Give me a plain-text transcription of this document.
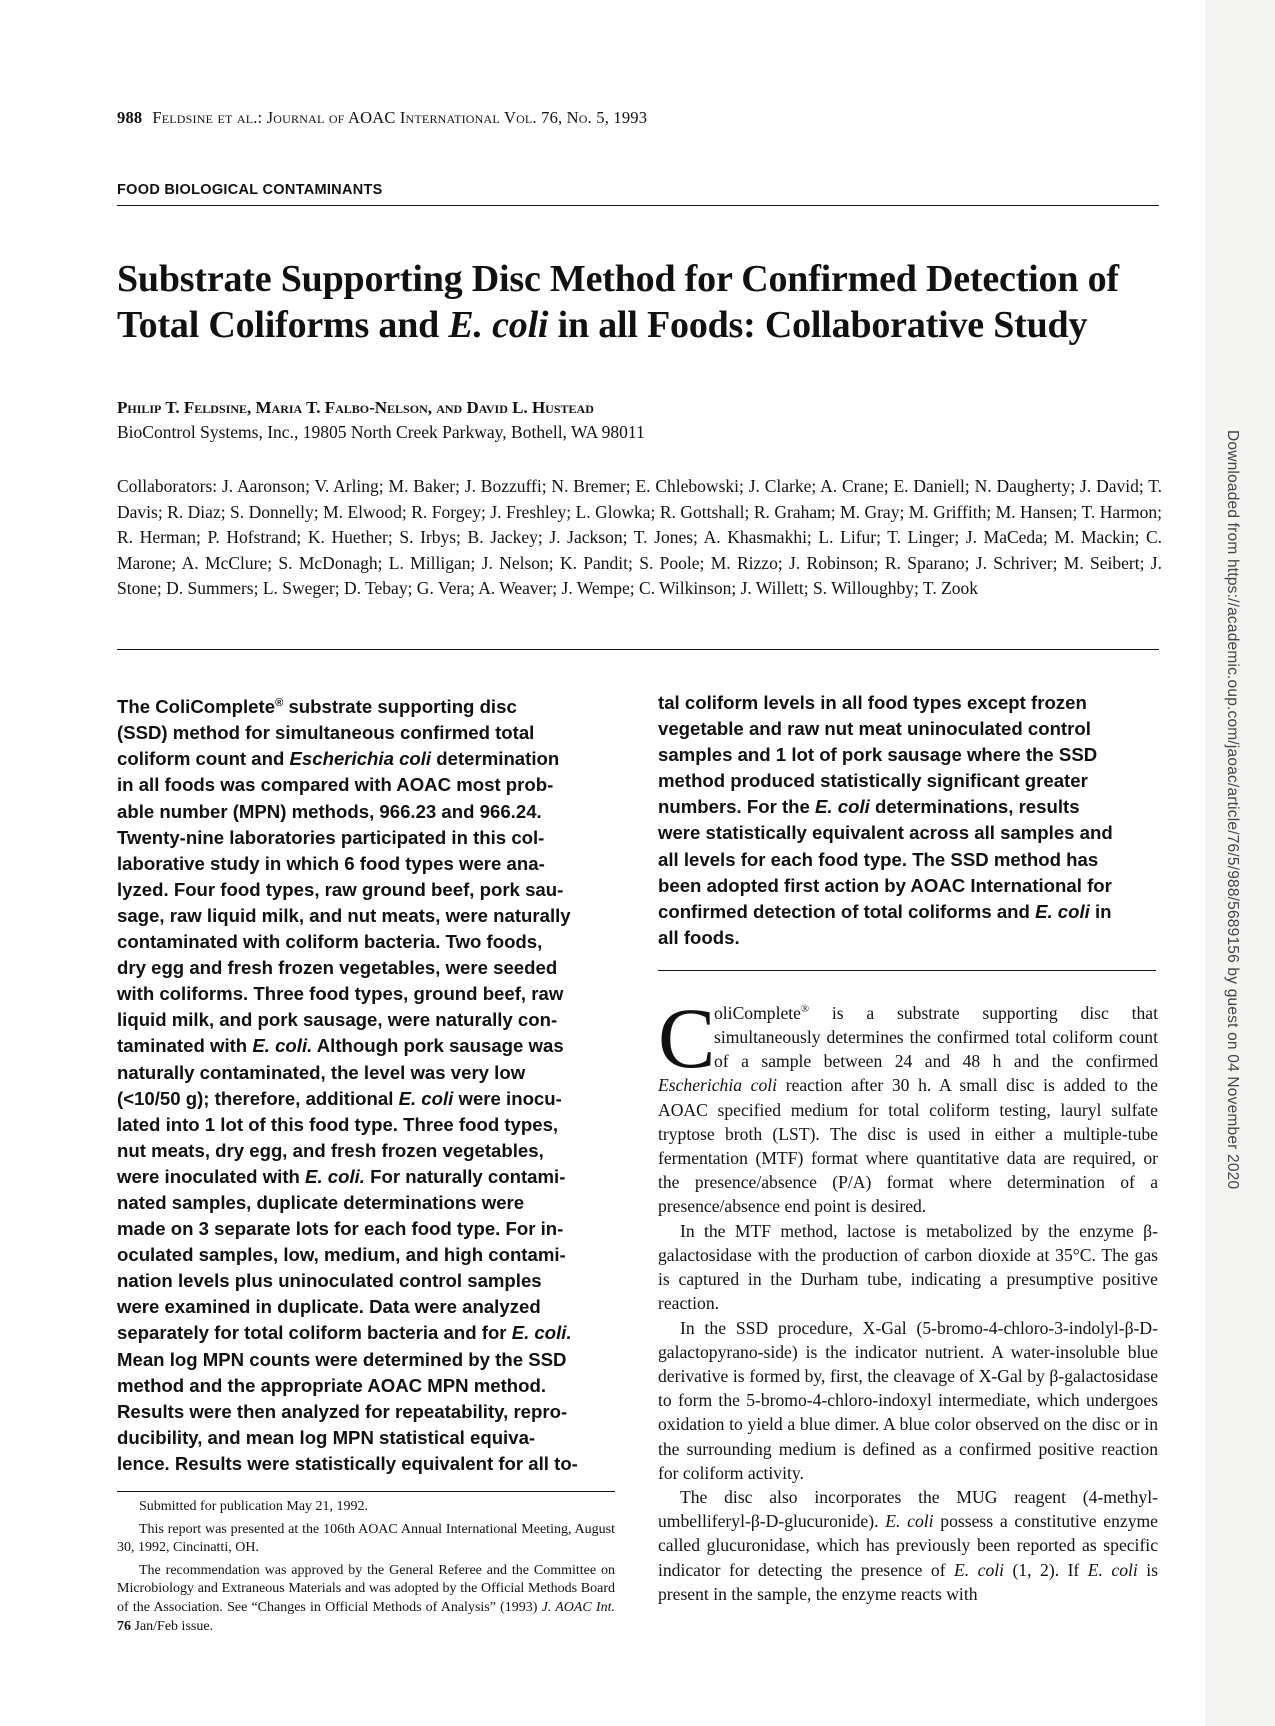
988 Feldsine et al.: Journal of AOAC International Vol. 76, No. 5, 1993
FOOD BIOLOGICAL CONTAMINANTS
Substrate Supporting Disc Method for Confirmed Detection of
Total Coliforms and E. coli in all Foods: Collaborative Study
Philip T. Feldsine, Maria T. Falbo-Nelson, and David L. Hustead
BioControl Systems, Inc., 19805 North Creek Parkway, Bothell, WA 98011
Collaborators: J. Aaronson; V. Arling; M. Baker; J. Bozzuffi; N. Bremer; E. Chlebowski; J. Clarke; A. Crane; E. Daniell; N. Daugherty; J. David; T. Davis; R. Diaz; S. Donnelly; M. Elwood; R. Forgey; J. Freshley; L. Glowka; R. Gottshall; R. Graham; M. Gray; M. Griffith; M. Hansen; T. Harmon; R. Herman; P. Hofstrand; K. Huether; S. Irbys; B. Jackey; J. Jackson; T. Jones; A. Khasmakhi; L. Lifur; T. Linger; J. MaCeda; M. Mackin; C. Marone; A. McClure; S. McDonagh; L. Milligan; J. Nelson; K. Pandit; S. Poole; M. Rizzo; J. Robinson; R. Sparano; J. Schriver; M. Seibert; J. Stone; D. Summers; L. Sweger; D. Tebay; G. Vera; A. Weaver; J. Wempe; C. Wilkinson; J. Willett; S. Willoughby; T. Zook
The ColiComplete® substrate supporting disc
(SSD) method for simultaneous confirmed total
coliform count and Escherichia coli determination
in all foods was compared with AOAC most prob-
able number (MPN) methods, 966.23 and 966.24.
Twenty-nine laboratories participated in this col-
laborative study in which 6 food types were ana-
lyzed. Four food types, raw ground beef, pork sau-
sage, raw liquid milk, and nut meats, were naturally
contaminated with coliform bacteria. Two foods,
dry egg and fresh frozen vegetables, were seeded
with coliforms. Three food types, ground beef, raw
liquid milk, and pork sausage, were naturally con-
taminated with E. coli. Although pork sausage was
naturally contaminated, the level was very low
(<10/50 g); therefore, additional E. coli were inocu-
lated into 1 lot of this food type. Three food types,
nut meats, dry egg, and fresh frozen vegetables,
were inoculated with E. coli. For naturally contami-
nated samples, duplicate determinations were
made on 3 separate lots for each food type. For in-
oculated samples, low, medium, and high contami-
nation levels plus uninoculated control samples
were examined in duplicate. Data were analyzed
separately for total coliform bacteria and for E. coli.
Mean log MPN counts were determined by the SSD
method and the appropriate AOAC MPN method.
Results were then analyzed for repeatability, repro-
ducibility, and mean log MPN statistical equiva-
lence. Results were statistically equivalent for all to-
tal coliform levels in all food types except frozen
vegetable and raw nut meat uninoculated control
samples and 1 lot of pork sausage where the SSD
method produced statistically significant greater
numbers. For the E. coli determinations, results
were statistically equivalent across all samples and
all levels for each food type. The SSD method has
been adopted first action by AOAC International for
confirmed detection of total coliforms and E. coli in
all foods.

C
oliComplete® is a substrate supporting disc that simultaneously determines the confirmed total coliform count of a sample between 24 and 48 h and the confirmed Escherichia coli reaction after 30 h. A small disc is added to the AOAC specified medium for total coliform testing, lauryl sulfate tryptose broth (LST). The disc is used in either a multiple-tube fermentation (MTF) format where quantitative data are required, or the presence/absence (P/A) format where determination of a presence/absence end point is desired.

In the MTF method, lactose is metabolized by the enzyme β-galactosidase with the production of carbon dioxide at 35°C. The gas is captured in the Durham tube, indicating a presumptive positive reaction.

In the SSD procedure, X-Gal (5-bromo-4-chloro-3-indolyl-β-D-galactopyrano-side) is the indicator nutrient. A water-insoluble blue derivative is formed by, first, the cleavage of X-Gal by β-galactosidase to form the 5-bromo-4-chloro-indoxyl intermediate, which undergoes oxidation to yield a blue dimer. A blue color observed on the disc or in the surrounding medium is defined as a confirmed positive reaction for coliform activity.

The disc also incorporates the MUG reagent (4-methyl-umbelliferyl-β-D-glucuronide). E. coli possess a constitutive enzyme called glucuronidase, which has previously been reported as specific indicator for detecting the presence of E. coli (1, 2). If E. coli is present in the sample, the enzyme reacts with

Submitted for publication May 21, 1992.

This report was presented at the 106th AOAC Annual International Meeting, August 30, 1992, Cincinatti, OH.

The recommendation was approved by the General Referee and the Committee on Microbiology and Extraneous Materials and was adopted by the Official Methods Board of the Association. See “Changes in Official Methods of Analysis” (1993) J. AOAC Int. 76 Jan/Feb issue.

Downloaded from https://academic.oup.com/jaoac/article/76/5/988/5689156 by guest on 04 November 2020
